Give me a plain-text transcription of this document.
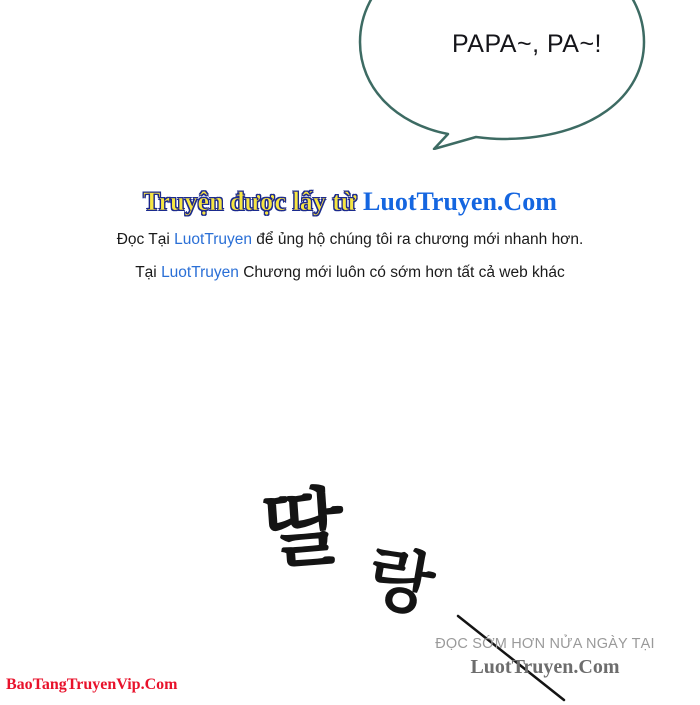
PAPA~, PA~!
Truyện được lấy từ LuotTruyen.Com
Đọc Tại LuotTruyen để ủng hộ chúng tôi ra chương mới nhanh hơn.
Tại LuotTruyen Chương mới luôn có sớm hơn tất cả web khác
딸
랑
ĐỌC SỚM HƠN NỬA NGÀY TẠI
LuotTruyen.Com
BaoTangTruyenVip.Com
